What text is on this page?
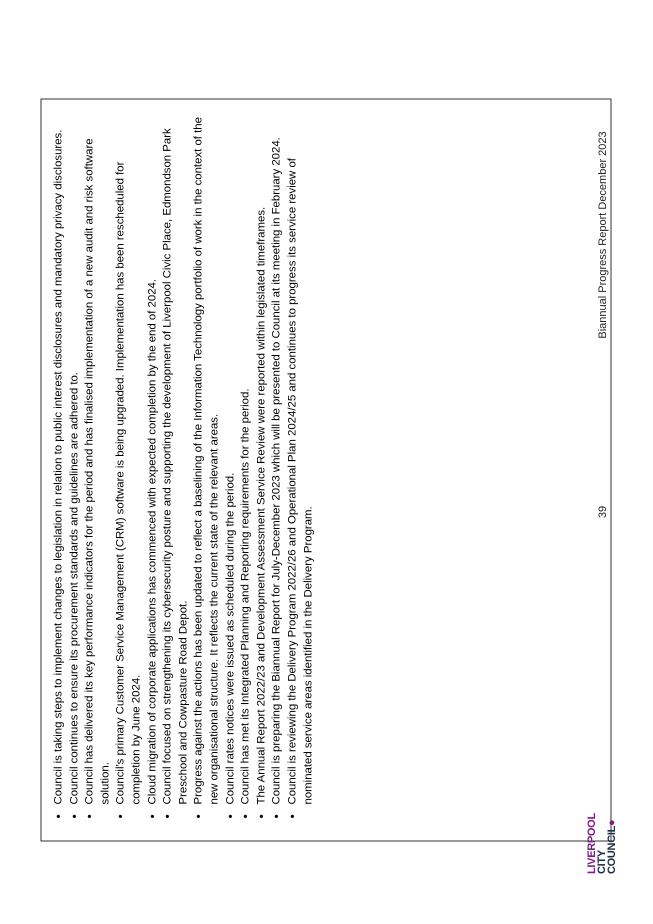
• Council is taking steps to implement changes to legislation in relation to public interest disclosures and mandatory privacy disclosures. • Council continues to ensure its procurement standards and guidelines are adhered to. • Council has delivered its key performance indicators for the period and has finalised implementation of a new audit and risk software solution. • Council's primary Customer Service Management (CRM) software is being upgraded. Implementation has been rescheduled for completion by June 2024. • Cloud migration of corporate applications has commenced with expected completion by the end of 2024. • Council focused on strengthening its cybersecurity posture and supporting the development of Liverpool Civic Place, Edmondson Park Preschool and Cowpasture Road Depot. • Progress against the actions has been updated to reflect a baselining of the Information Technology portfolio of work in the context of the new organisational structure. It reflects the current state of the relevant areas. • Council rates notices were issued as scheduled during the period. • Council has met its Integrated Planning and Reporting requirements for the period. • The Annual Report 2022/23 and Development Assessment Service Review were reported within legislated timeframes. • Council is preparing the Biannual Report for July-December 2023 which will be presented to Council at its meeting in February 2024. • Council is reviewing the Delivery Program 2022/26 and Operational Plan 2024/25 and continues to progress its service review of nominated service areas identified in the Delivery Program.
Biannual Progress Report December 2023
39
LIVERPOOL
CITY
COUNCIL●
